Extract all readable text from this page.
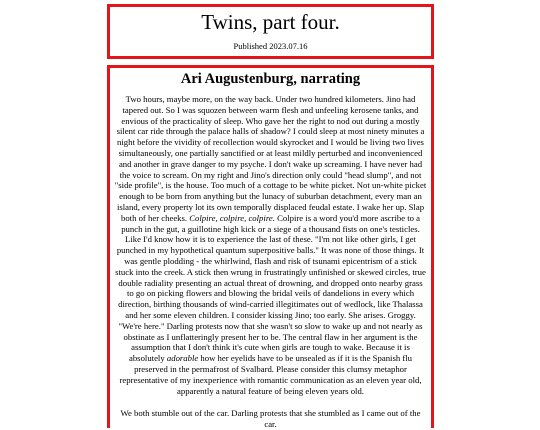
Twins, part four.
Published 2023.07.16
Ari Augustenburg, narrating

Two hours, maybe more, on the way back. Under two hundred kilometers. Jino had tapered out. So I was squozen between warm flesh and unfeeling kerosene tanks, and envious of the practicality of sleep. Who gave her the right to nod out during a mostly silent car ride through the palace halls of shadow? I could sleep at most ninety minutes a night before the vividity of recollection would skyrocket and I would be living two lives simultaneously, one partially sanctified or at least mildly perturbed and inconvenienced and another in grave danger to my psyche. I don't wake up screaming. I have never had the voice to scream. On my right and Jino's direction only could "head slump", and not "side profile", is the house. Too much of a cottage to be white picket. Not un-white picket enough to be born from anything but the lunacy of suburban detachment, every man an island, every property lot its own temporally displaced feudal estate. I wake her up. Slap both of her cheeks. Colpire, colpire, colpire. Colpire is a word you'd more ascribe to a punch in the gut, a guillotine high kick or a siege of a thousand fists on one's testicles. Like I'd know how it is to experience the last of these. "I'm not like other girls, I get punched in my hypothetical quantum superpositive balls." It was none of those things. It was gentle plodding - the whirlwind, flash and risk of tsunami epicentrism of a stick stuck into the creek. A stick then wrung in frustratingly unfinished or skewed circles, true double radiality presenting an actual threat of drowning, and dropped onto nearby grass to go on picking flowers and blowing the bridal veils of dandelions in every which direction, birthing thousands of wind-carried illegitimates out of wedlock, like Thalassa and her some eleven children. I consider kissing Jino; too early. She arises. Groggy. "We're here." Darling protests now that she wasn't so slow to wake up and not nearly as obstinate as I unflatteringly present her to be. The central flaw in her argument is the assumption that I don't think it's cute when girls are tough to wake. Because it is absolutely adorable how her eyelids have to be unsealed as if it is the Spanish flu preserved in the permafrost of Svalbard. Please consider this clumsy metaphor representative of my inexperience with romantic communication as an eleven year old, apparently a natural feature of being eleven years old.

We both stumble out of the car. Darling protests that she stumbled as I came out of the car.
